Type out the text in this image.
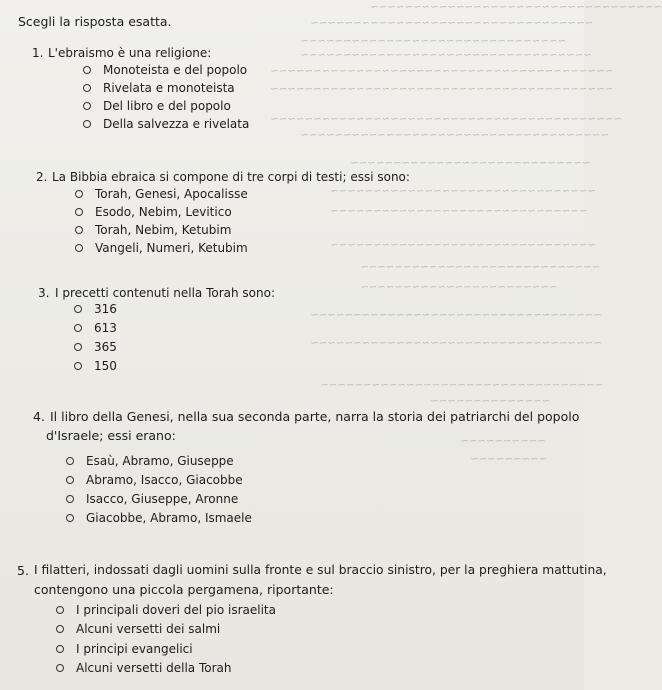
~~~~~~~~~~~~~~~~~~~~~~~~~~~~~~~~~~
~~~~~~~~~~~~~~~~~~~~~~~~~~~~~~~~~
~~~~~~~~~~~~~~~~~~~~~~~~~~~~~~~
~~~~~~~~~~~~~~~~~~~~~~~~~~~~~~~~~~
~~~~~~~~~~~~~~~~~~~~~~~~~~~~~~~~~~~~~~~~
~~~~~~~~~~~~~~~~~~~~~~~~~~~~~~~~~~~~~~~~
~~~~~~~~~~~~~~~~~~~~~~~~~~~~~~~~~~~~~~~~~
~~~~~~~~~~~~~~~~~~~~~~~~~~~~~~~~~~~~
~~~~~~~~~~~~~~~~~~~~~~~~~~~~
~~~~~~~~~~~~~~~~~~~~~~~~~~~~~~~
~~~~~~~~~~~~~~~~~~~~~~~~~~~~~~
~~~~~~~~~~~~~~~~~~~~~~~~~~~~~~~
~~~~~~~~~~~~~~~~~~~~~~~~~~~~
~~~~~~~~~~~~~~~~~~~~~~~
~~~~~~~~~~~~~~~~~~~~~~~~~~~~~~~~~~
~~~~~~~~~~~~~~~~~~~~~~~~~~~~~~~~~~
~~~~~~~~~~~~~~~~~~~~~~~~~~~~~~~~~
~~~~~~~~~~~~~~
~~~~~~~~~~
~~~~~~~~~
Scegli la risposta esatta.
1. L'ebraismo è una religione:
Monoteista e del popolo
Rivelata e monoteista
Del libro e del popolo
Della salvezza e rivelata
2. La Bibbia ebraica si compone di tre corpi di testi; essi sono:
Torah, Genesi, Apocalisse
Esodo, Nebim, Levitico
Torah, Nebim, Ketubim
Vangeli, Numeri, Ketubim
3. I precetti contenuti nella Torah sono:
316
613
365
150
4. Il libro della Genesi, nella sua seconda parte, narra la storia dei patriarchi del popolo
d'Israele; essi erano:
Esaù, Abramo, Giuseppe
Abramo, Isacco, Giacobbe
Isacco, Giuseppe, Aronne
Giacobbe, Abramo, Ismaele
5. I filatteri, indossati dagli uomini sulla fronte e sul braccio sinistro, per la preghiera mattutina,
contengono una piccola pergamena, riportante:
I principali doveri del pio israelita
Alcuni versetti dei salmi
I principi evangelici
Alcuni versetti della Torah
